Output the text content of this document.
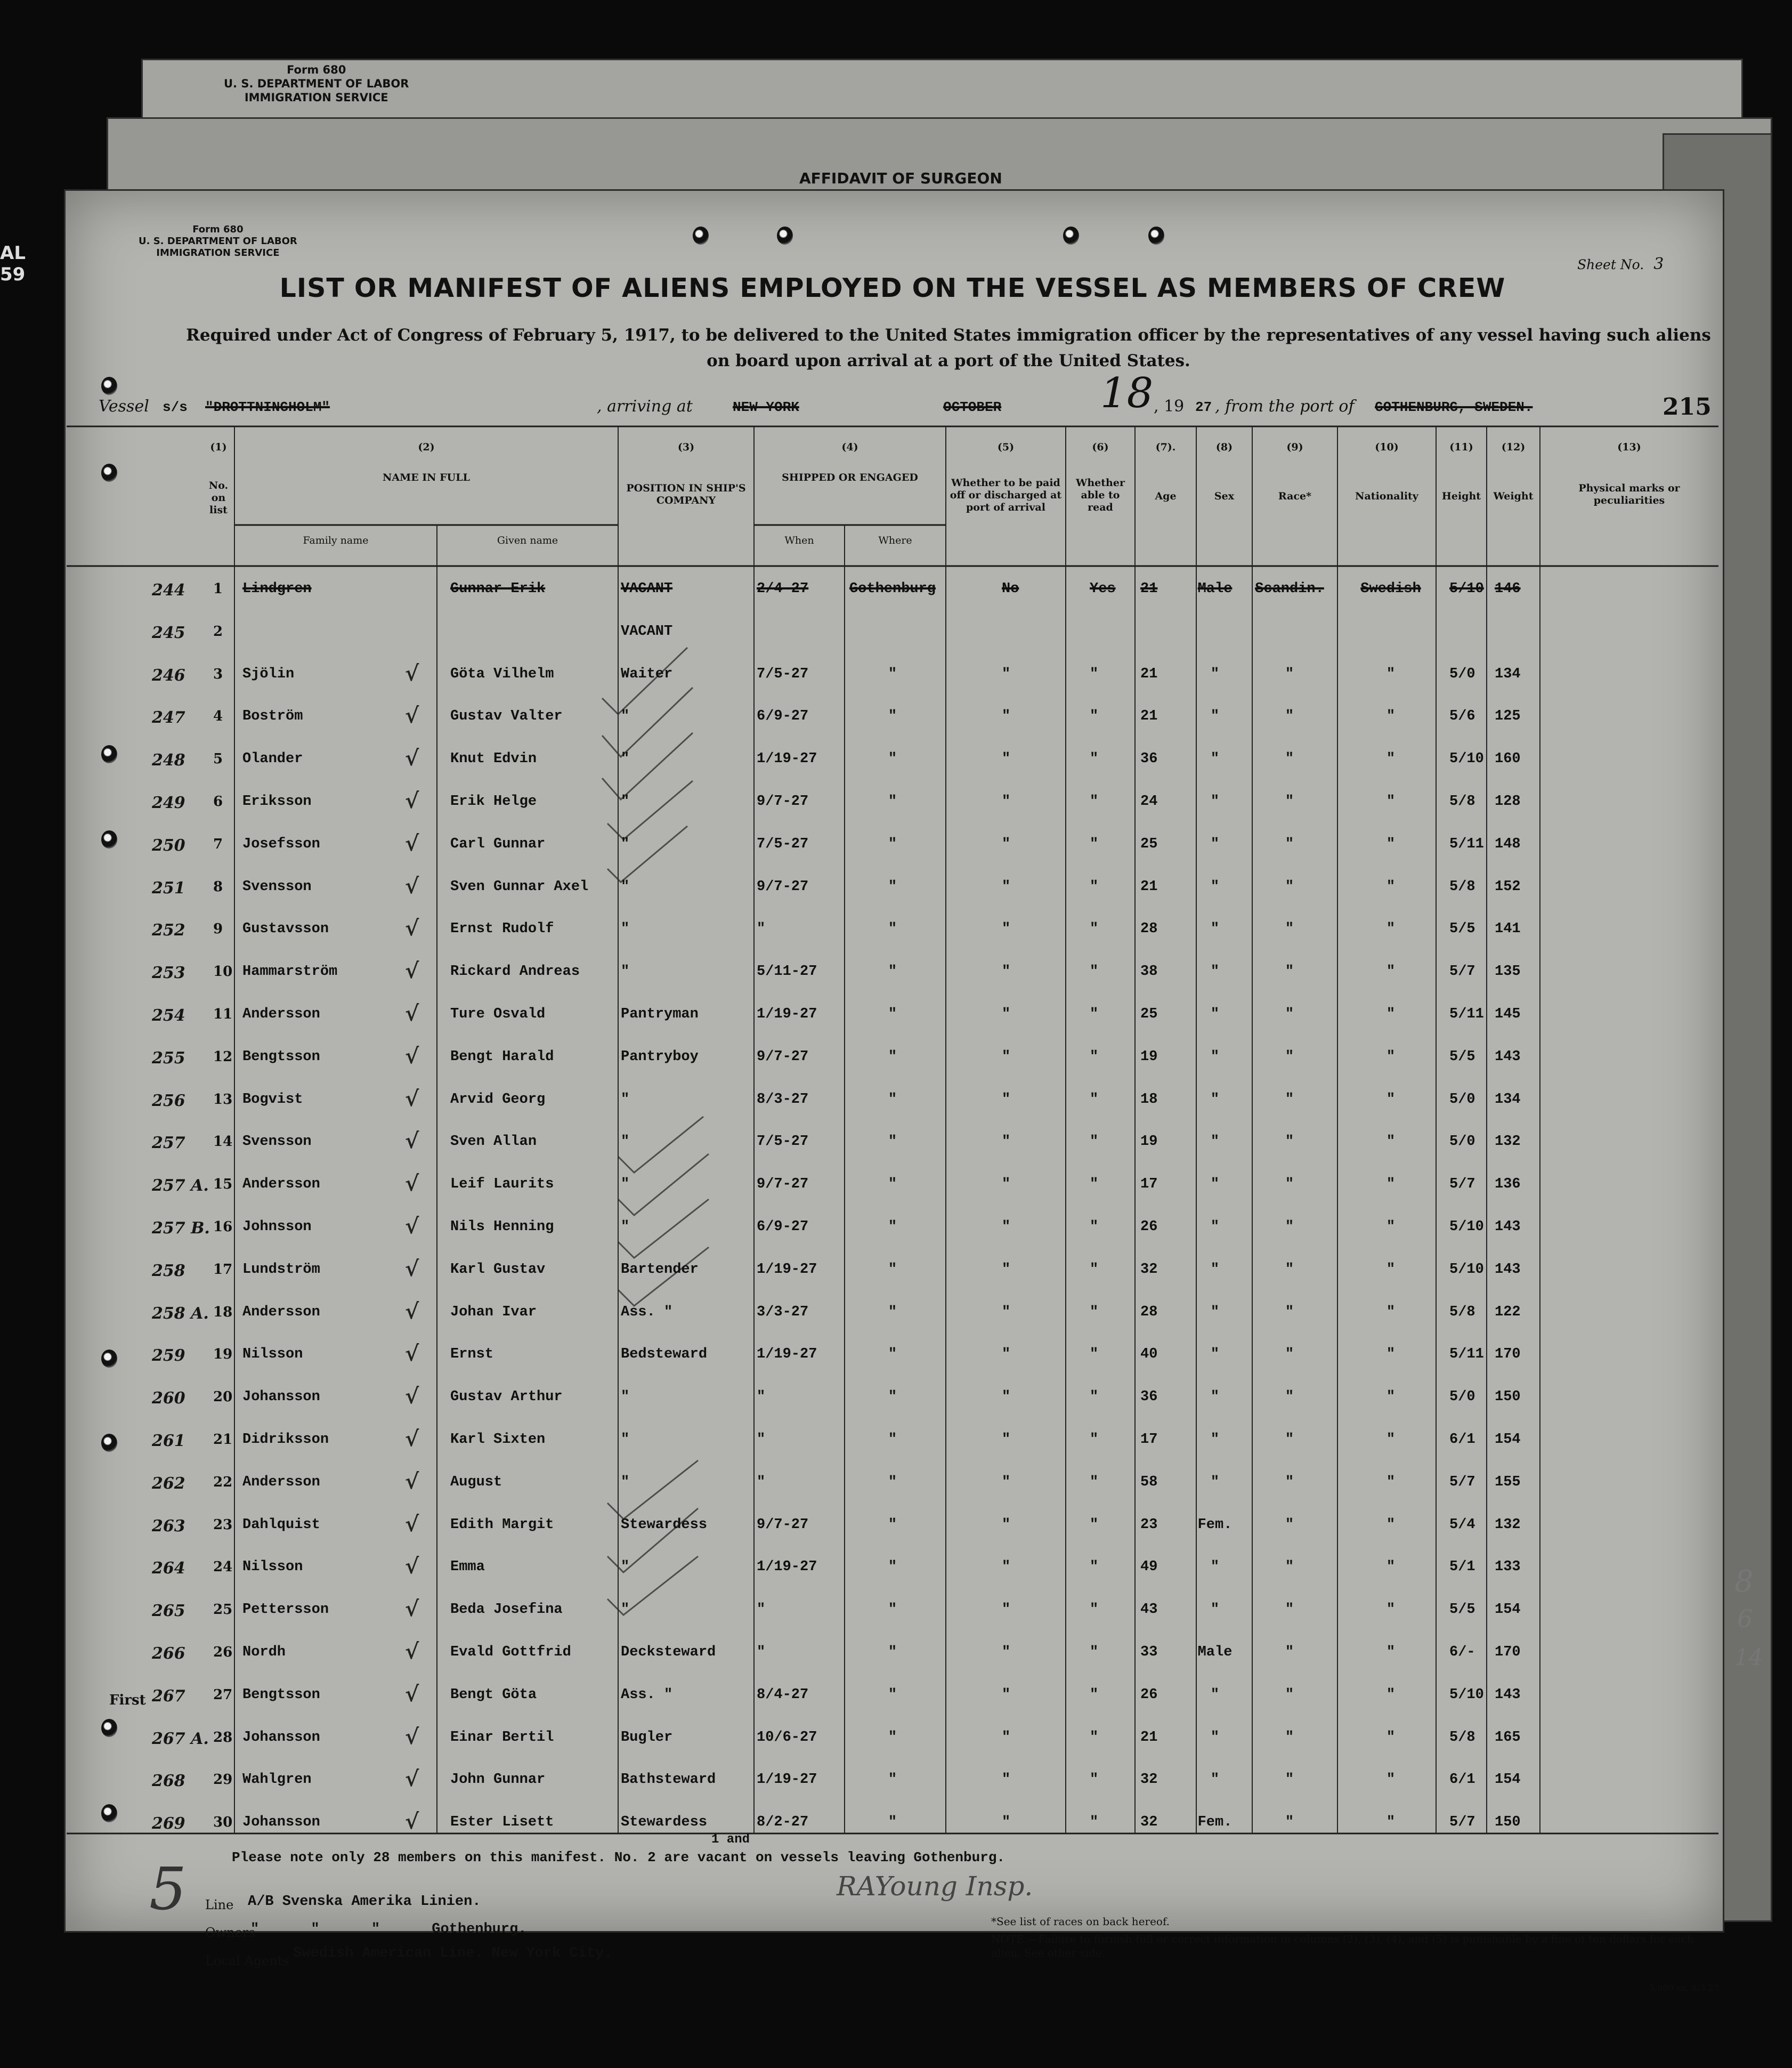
Form 680
U. S. DEPARTMENT OF LABOR
IMMIGRATION SERVICE
AFFIDAVIT OF SURGEON
AL
59
Form 680
U. S. DEPARTMENT OF LABOR
IMMIGRATION SERVICE
Sheet No. 3
LIST OR MANIFEST OF ALIENS EMPLOYED ON THE VESSEL AS MEMBERS OF CREW
Required under Act of Congress of February 5, 1917, to be delivered to the United States immigration officer by the representatives of any vessel having such aliens
on board upon arrival at a port of the United States.
215
Vessel s/s "DROTTNINGHOLM"	, arriving at	NEW YORK	OCTOBER 18 , 19 27 , from the port of GOTHENBURG, SWEDEN.
(1)
No. on list
(2)
NAME IN FULL
Family name	Given name
(3)
POSITION IN SHIP'S COMPANY
(4)
SHIPPED OR ENGAGED
When	Where
(5)
Whether to be paid off or discharged at port of arrival
(6)
Whether able to read
(7).
Age
(8)
Sex
(9)
Race*
(10)
Nationality
(11)
Height
(12)
Weight
(13)
Physical marks or peculiarities
244 1 Lindgren	Gunnar Erik	VACANT	2/4-27	Gothenburg	No	Yes 21	Male	Scandin.	Swedish	5/10 146
245 2	VACANT
246 3 Sjölin	Göta Vilhelm	Waiter	7/5-27	"	"	"	21	"	"	"	5/0 134
√
247 4 Boström	Gustav Valter	"	6/9-27	"	"	"	21	"	"	"	5/6 125
√
248 5 Olander	Knut Edvin	"	1/19-27	"	"	"	36	"	"	"	5/10 160
√
249 6 Eriksson	Erik Helge	"	9/7-27	"	"	"	24	"	"	"	5/8 128
√
250 7 Josefsson	Carl Gunnar	"	7/5-27	"	"	"	25	"	"	"	5/11 148
√
251 8 Svensson	Sven Gunnar Axel "	9/7-27	"	"	"	21	"	"	"	5/8 152
√
252 9 Gustavsson	Ernst Rudolf	"	"	"	"	"	28	"	"	"	5/5 141
√
253 10 Hammarström	Rickard Andreas	"	5/11-27	"	"	"	38	"	"	"	5/7 135
√
254 11 Andersson	Ture Osvald	Pantryman	1/19-27	"	"	"	25	"	"	"	5/11 145
√
255 12 Bengtsson	Bengt Harald	Pantryboy	9/7-27	"	"	"	19	"	"	"	5/5 143
√
256 13 Bogvist	Arvid Georg	"	8/3-27	"	"	"	18	"	"	"	5/0 134
√
257 14 Svensson	Sven Allan	"	7/5-27	"	"	"	19	"	"	"	5/0 132
√
257 A. 15 Andersson	Leif Laurits	"	9/7-27	"	"	"	17	"	"	"	5/7 136
√
257 B. 16 Johnsson	Nils Henning	"	6/9-27	"	"	"	26	"	"	"	5/10 143
√
258 17 Lundström	Karl Gustav	Bartender	1/19-27	"	"	"	32	"	"	"	5/10 143
√
258 A. 18 Andersson	Johan Ivar	Ass. "	3/3-27	"	"	"	28	"	"	"	5/8 122
√
259 19 Nilsson	Ernst	Bedsteward	1/19-27	"	"	"	40	"	"	"	5/11 170
√
260 20 Johansson	Gustav Arthur	"	"	"	"	"	36	"	"	"	5/0 150
√
261 21 Didriksson	Karl Sixten	"	"	"	"	"	17	"	"	"	6/1 154
√
262 22 Andersson	August	"	"	"	"	"	58	"	"	"	5/7 155
√
263 23 Dahlquist	Edith Margit	Stewardess	9/7-27	"	"	"	23	Fem.	"	"	5/4 132
√
264 24 Nilsson	Emma	"	1/19-27	"	"	"	49	"	"	"	5/1 133
√
265 25 Pettersson	Beda Josefina	"	"	"	"	"	43	"	"	"	5/5 154
√
266 26 Nordh	Evald Gottfrid	Decksteward	"	"	"	"	33	Male	"	"	6/- 170
√
267 27 Bengtsson	Bengt Göta	Ass. "	8/4-27	"	"	"	26	"	"	"	5/10 143
√
267 A. 28 Johansson	Einar Bertil	Bugler	10/6-27	"	"	"	21	"	"	"	5/8 165
√
268 29 Wahlgren	John Gunnar	Bathsteward	1/19-27	"	"	"	32	"	"	"	6/1 154
√
269 30 Johansson	Ester Lisett	Stewardess	8/2-27	"	"	"	32	Fem.	"	"	5/7 150
√
First
8
6
14
1 and
Please note only 28 members on this manifest. No. 2 are vacant on vessels leaving Gothenburg.
RAYoung Insp.
5 Line A/B Svenska Amerika Linien.
Owners
"      "      "      Gothenburg.
Local Agents Swedish American Line. New York City.
*See list of races on back hereof.
NOTE.—Failure to furnish full or correct information in columns (2), (3), (4), and (5) is punishable by a fine of ten dollars for each alien. See other side.
5,000 ex. 8/3 27.
